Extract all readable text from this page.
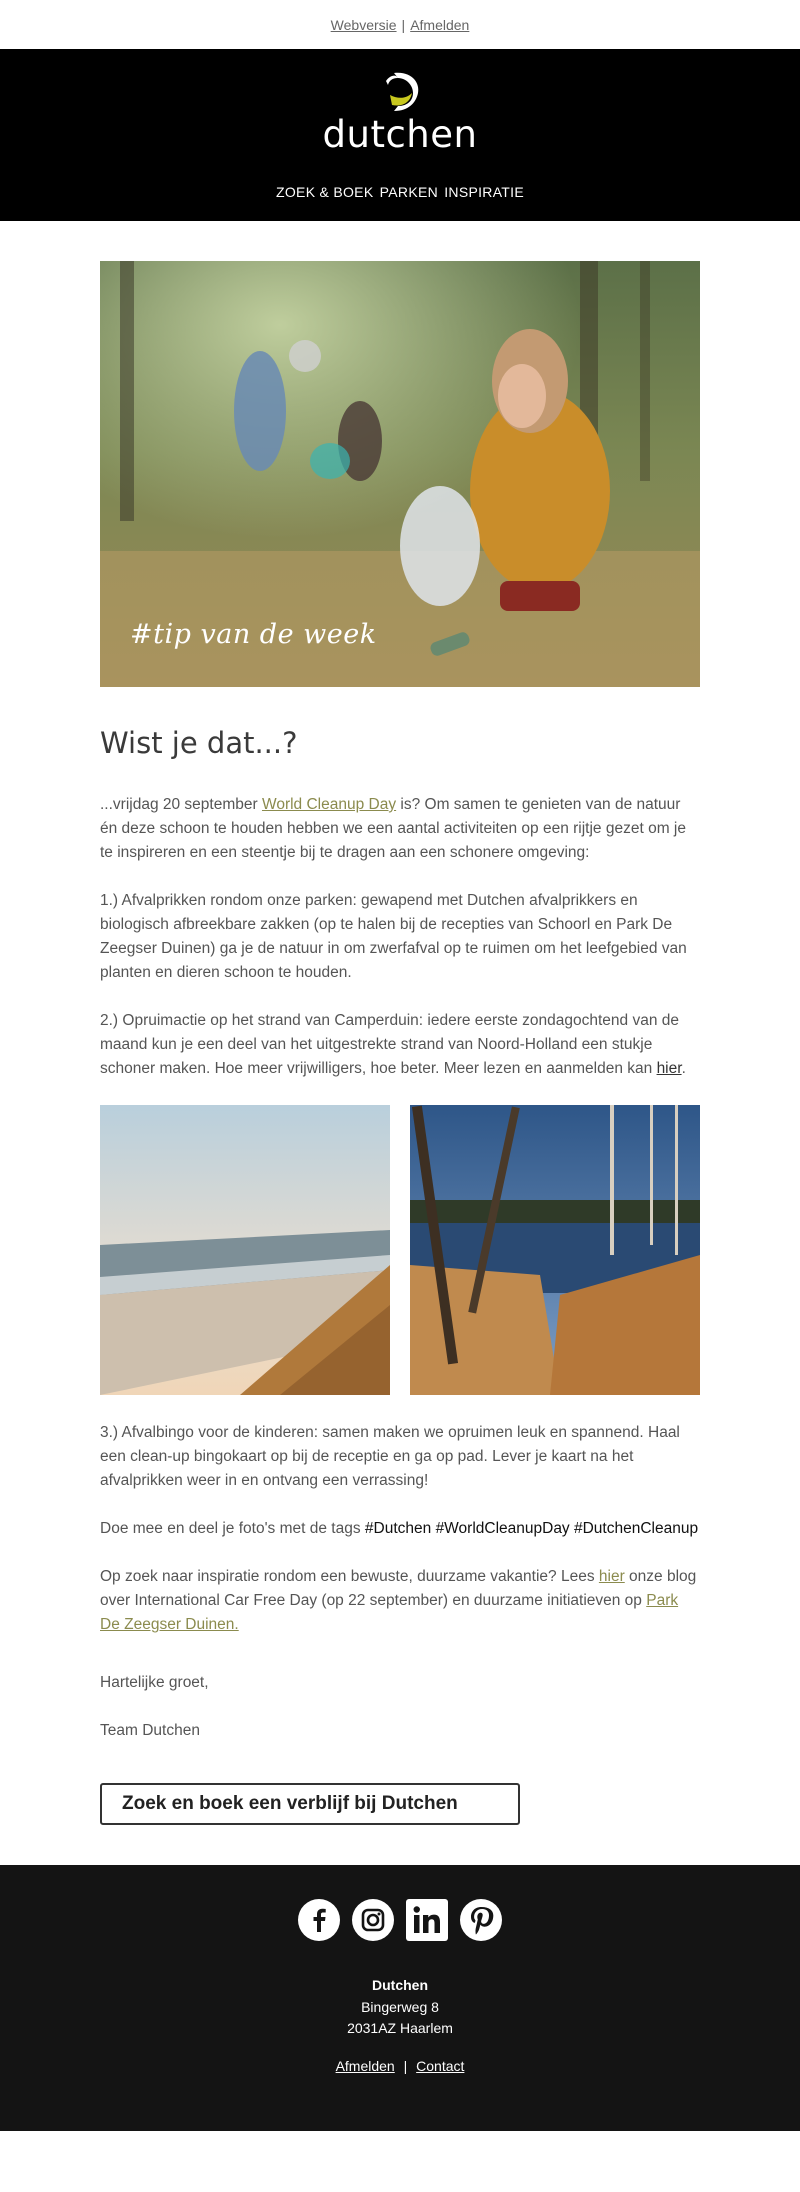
Webversie | Afmelden
dutchen
ZOEK & BOEK PARKEN INSPIRATIE
#tip van de week
Wist je dat...?

...vrijdag 20 september World Cleanup Day is? Om samen te genieten van de natuur én deze schoon te houden hebben we een aantal activiteiten op een rijtje gezet om je te inspireren en een steentje bij te dragen aan een schonere omgeving:

1.) Afvalprikken rondom onze parken: gewapend met Dutchen afvalprikkers en biologisch afbreekbare zakken (op te halen bij de recepties van Schoorl en Park De Zeegser Duinen) ga je de natuur in om zwerfafval op te ruimen om het leefgebied van planten en dieren schoon te houden.

2.) Opruimactie op het strand van Camperduin: iedere eerste zondagochtend van de maand kun je een deel van het uitgestrekte strand van Noord-Holland een stukje schoner maken. Hoe meer vrijwilligers, hoe beter. Meer lezen en aanmelden kan hier.

3.) Afvalbingo voor de kinderen: samen maken we opruimen leuk en spannend. Haal een clean-up bingokaart op bij de receptie en ga op pad. Lever je kaart na het afvalprikken weer in en ontvang een verrassing!

Doe mee en deel je foto's met de tags #Dutchen #WorldCleanupDay #DutchenCleanup

Op zoek naar inspiratie rondom een bewuste, duurzame vakantie? Lees hier onze blog over International Car Free Day (op 22 september) en duurzame initiatieven op Park De Zeegser Duinen.

Hartelijke groet,

Team Dutchen

Zoek en boek een verblijf bij Dutchen
Dutchen
Bingerweg 8
2031AZ Haarlem
Afmelden | Contact
